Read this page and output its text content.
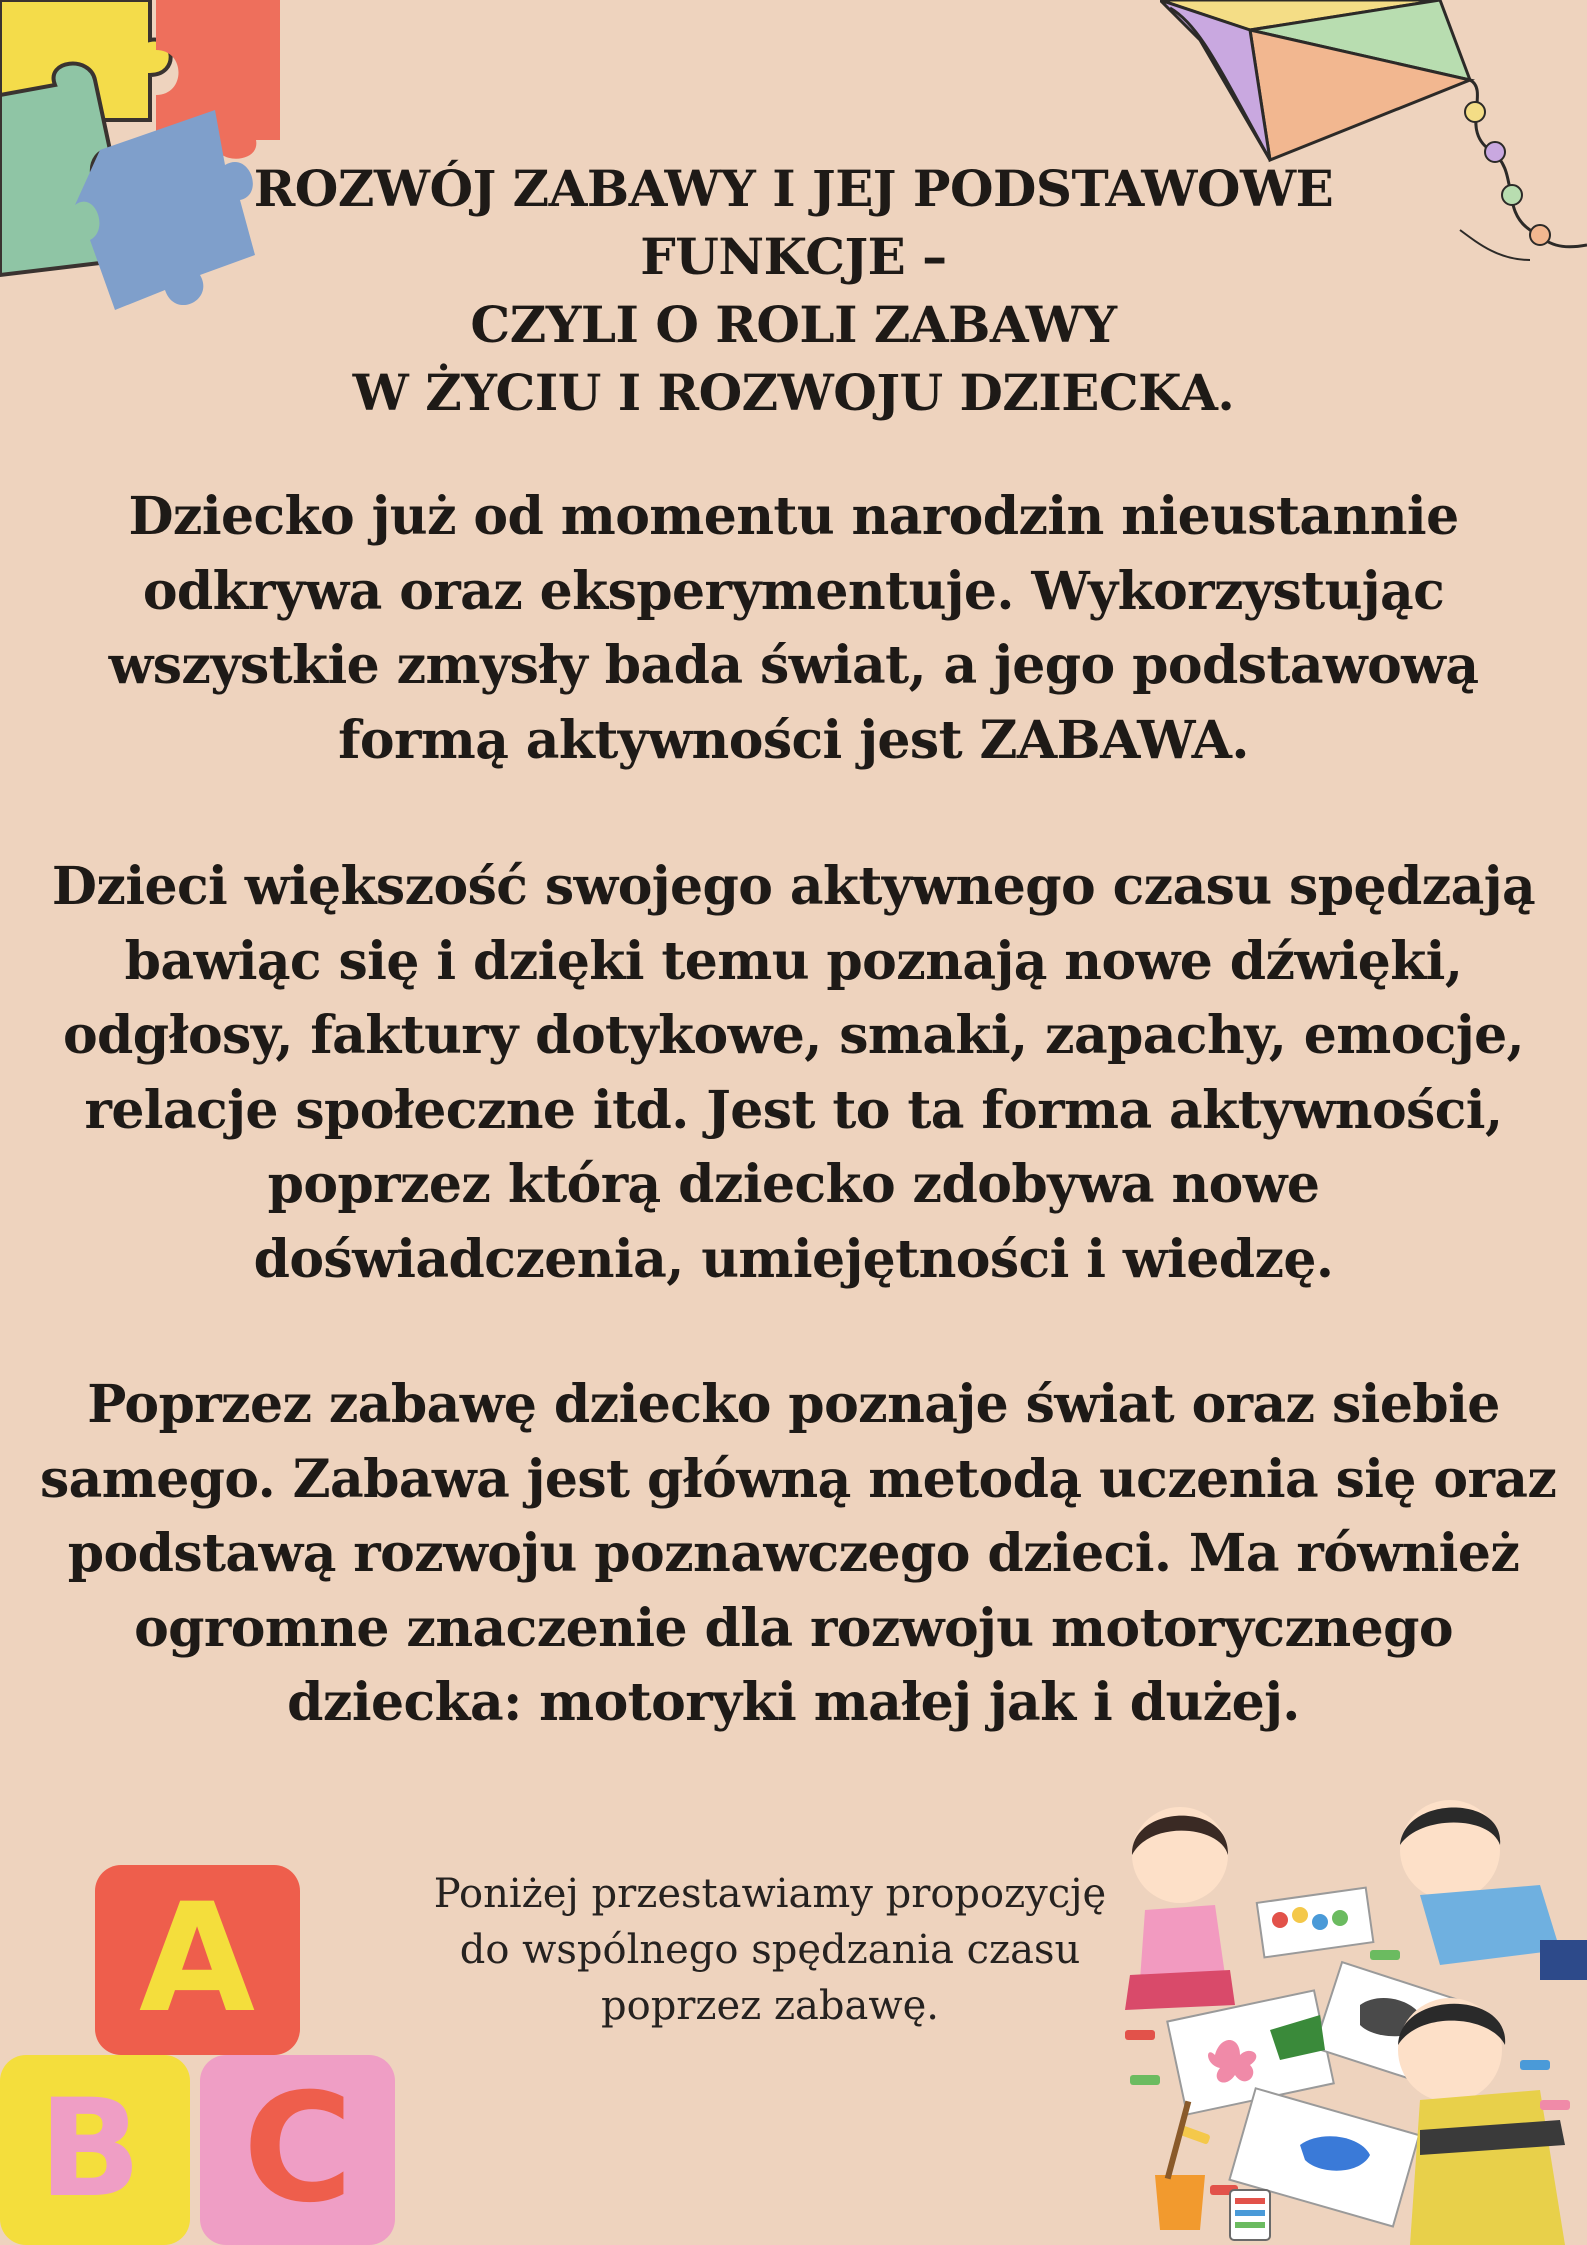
ROZWÓJ ZABAWY I JEJ PODSTAWOWE
FUNKCJE –
CZYLI O ROLI ZABAWY
W ŻYCIU I ROZWOJU DZIECKA.
Dziecko już od momentu narodzin nieustannie
odkrywa oraz eksperymentuje. Wykorzystując
wszystkie zmysły bada świat, a jego podstawową
formą aktywności jest ZABAWA.
Dzieci większość swojego aktywnego czasu spędzają
bawiąc się i dzięki temu poznają nowe dźwięki,
odgłosy, faktury dotykowe, smaki, zapachy, emocje,
relacje społeczne itd. Jest to ta forma aktywności,
poprzez którą dziecko zdobywa nowe
doświadczenia, umiejętności i wiedzę.
Poprzez zabawę dziecko poznaje świat oraz siebie
samego. Zabawa jest główną metodą uczenia się oraz
podstawą rozwoju poznawczego dzieci. Ma również
ogromne znaczenie dla rozwoju motorycznego
dziecka: motoryki małej jak i dużej.
Poniżej przestawiamy propozycję
do wspólnego spędzania czasu
poprzez zabawę.
A
B C
